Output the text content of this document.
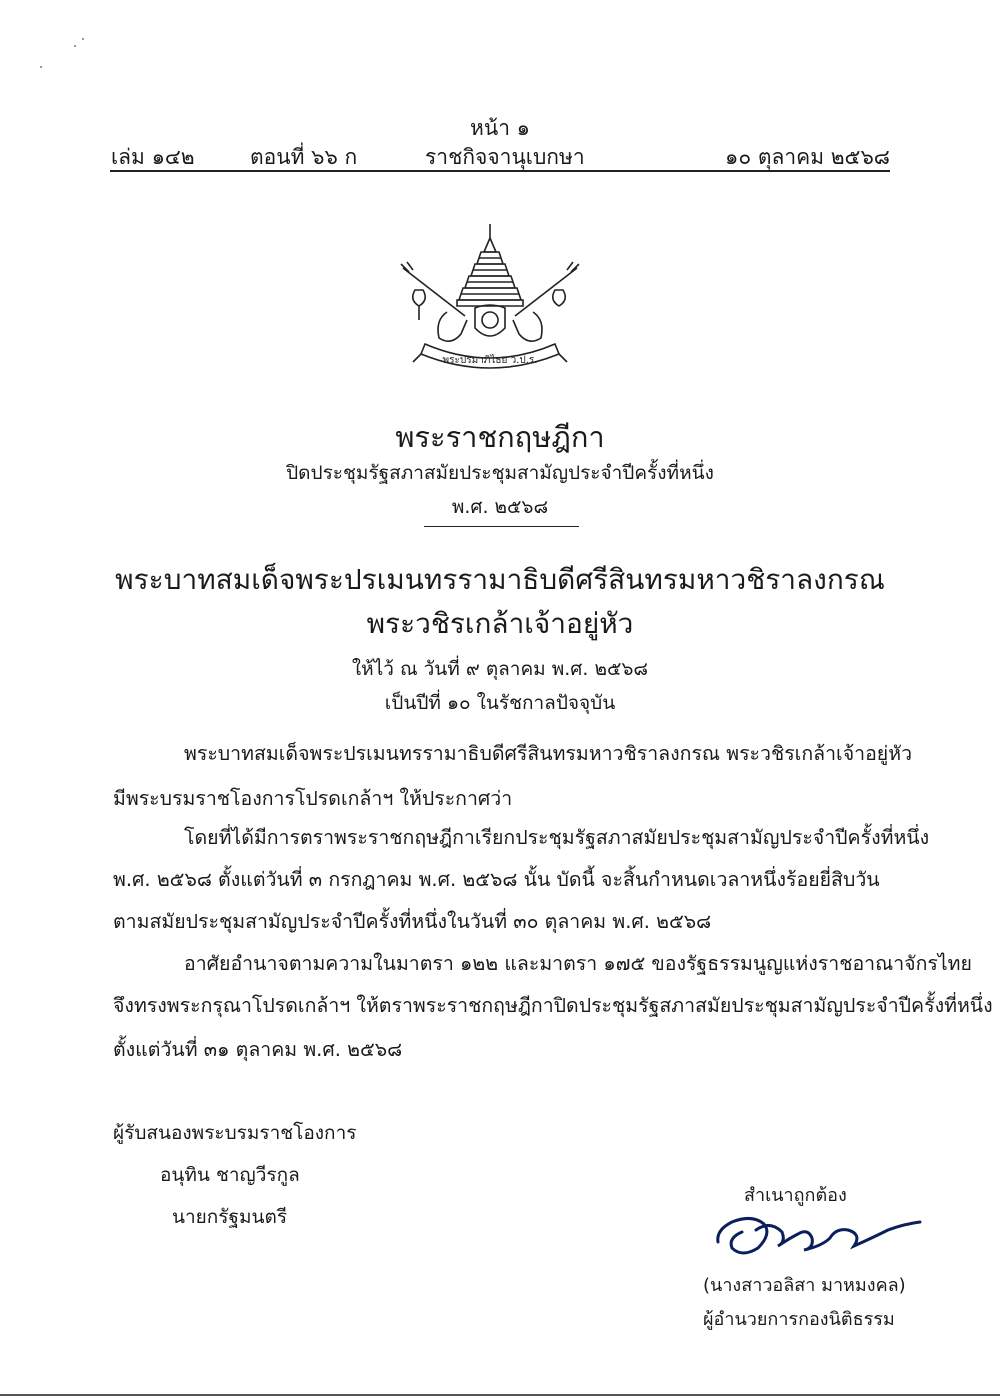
หน้า ๑
เล่ม ๑๔๒	ตอนที่ ๖๖ ก	ราชกิจจานุเบกษา	๑๐ ตุลาคม ๒๕๖๘
พระปรมาภิไธย ว.ป.ร.
พระราชกฤษฎีกา
ปิดประชุมรัฐสภาสมัยประชุมสามัญประจำปีครั้งที่หนึ่ง
พ.ศ. ๒๕๖๘
พระบาทสมเด็จพระปรเมนทรรามาธิบดีศรีสินทรมหาวชิราลงกรณ
พระวชิรเกล้าเจ้าอยู่หัว
ให้ไว้ ณ วันที่ ๙ ตุลาคม พ.ศ. ๒๕๖๘
เป็นปีที่ ๑๐ ในรัชกาลปัจจุบัน
พระบาทสมเด็จพระปรเมนทรรามาธิบดีศรีสินทรมหาวชิราลงกรณ พระวชิรเกล้าเจ้าอยู่หัว
มีพระบรมราชโองการโปรดเกล้าฯ ให้ประกาศว่า
โดยที่ได้มีการตราพระราชกฤษฎีกาเรียกประชุมรัฐสภาสมัยประชุมสามัญประจำปีครั้งที่หนึ่ง
พ.ศ. ๒๕๖๘ ตั้งแต่วันที่ ๓ กรกฎาคม พ.ศ. ๒๕๖๘ นั้น บัดนี้ จะสิ้นกำหนดเวลาหนึ่งร้อยยี่สิบวัน
ตามสมัยประชุมสามัญประจำปีครั้งที่หนึ่งในวันที่ ๓๐ ตุลาคม พ.ศ. ๒๕๖๘
อาศัยอำนาจตามความในมาตรา ๑๒๒ และมาตรา ๑๗๕ ของรัฐธรรมนูญแห่งราชอาณาจักรไทย
จึงทรงพระกรุณาโปรดเกล้าฯ ให้ตราพระราชกฤษฎีกาปิดประชุมรัฐสภาสมัยประชุมสามัญประจำปีครั้งที่หนึ่ง
ตั้งแต่วันที่ ๓๑ ตุลาคม พ.ศ. ๒๕๖๘
ผู้รับสนองพระบรมราชโองการ
อนุทิน ชาญวีรกูล
นายกรัฐมนตรี
สำเนาถูกต้อง
(นางสาวอลิสา มาหมงคล)
ผู้อำนวยการกองนิติธรรม
